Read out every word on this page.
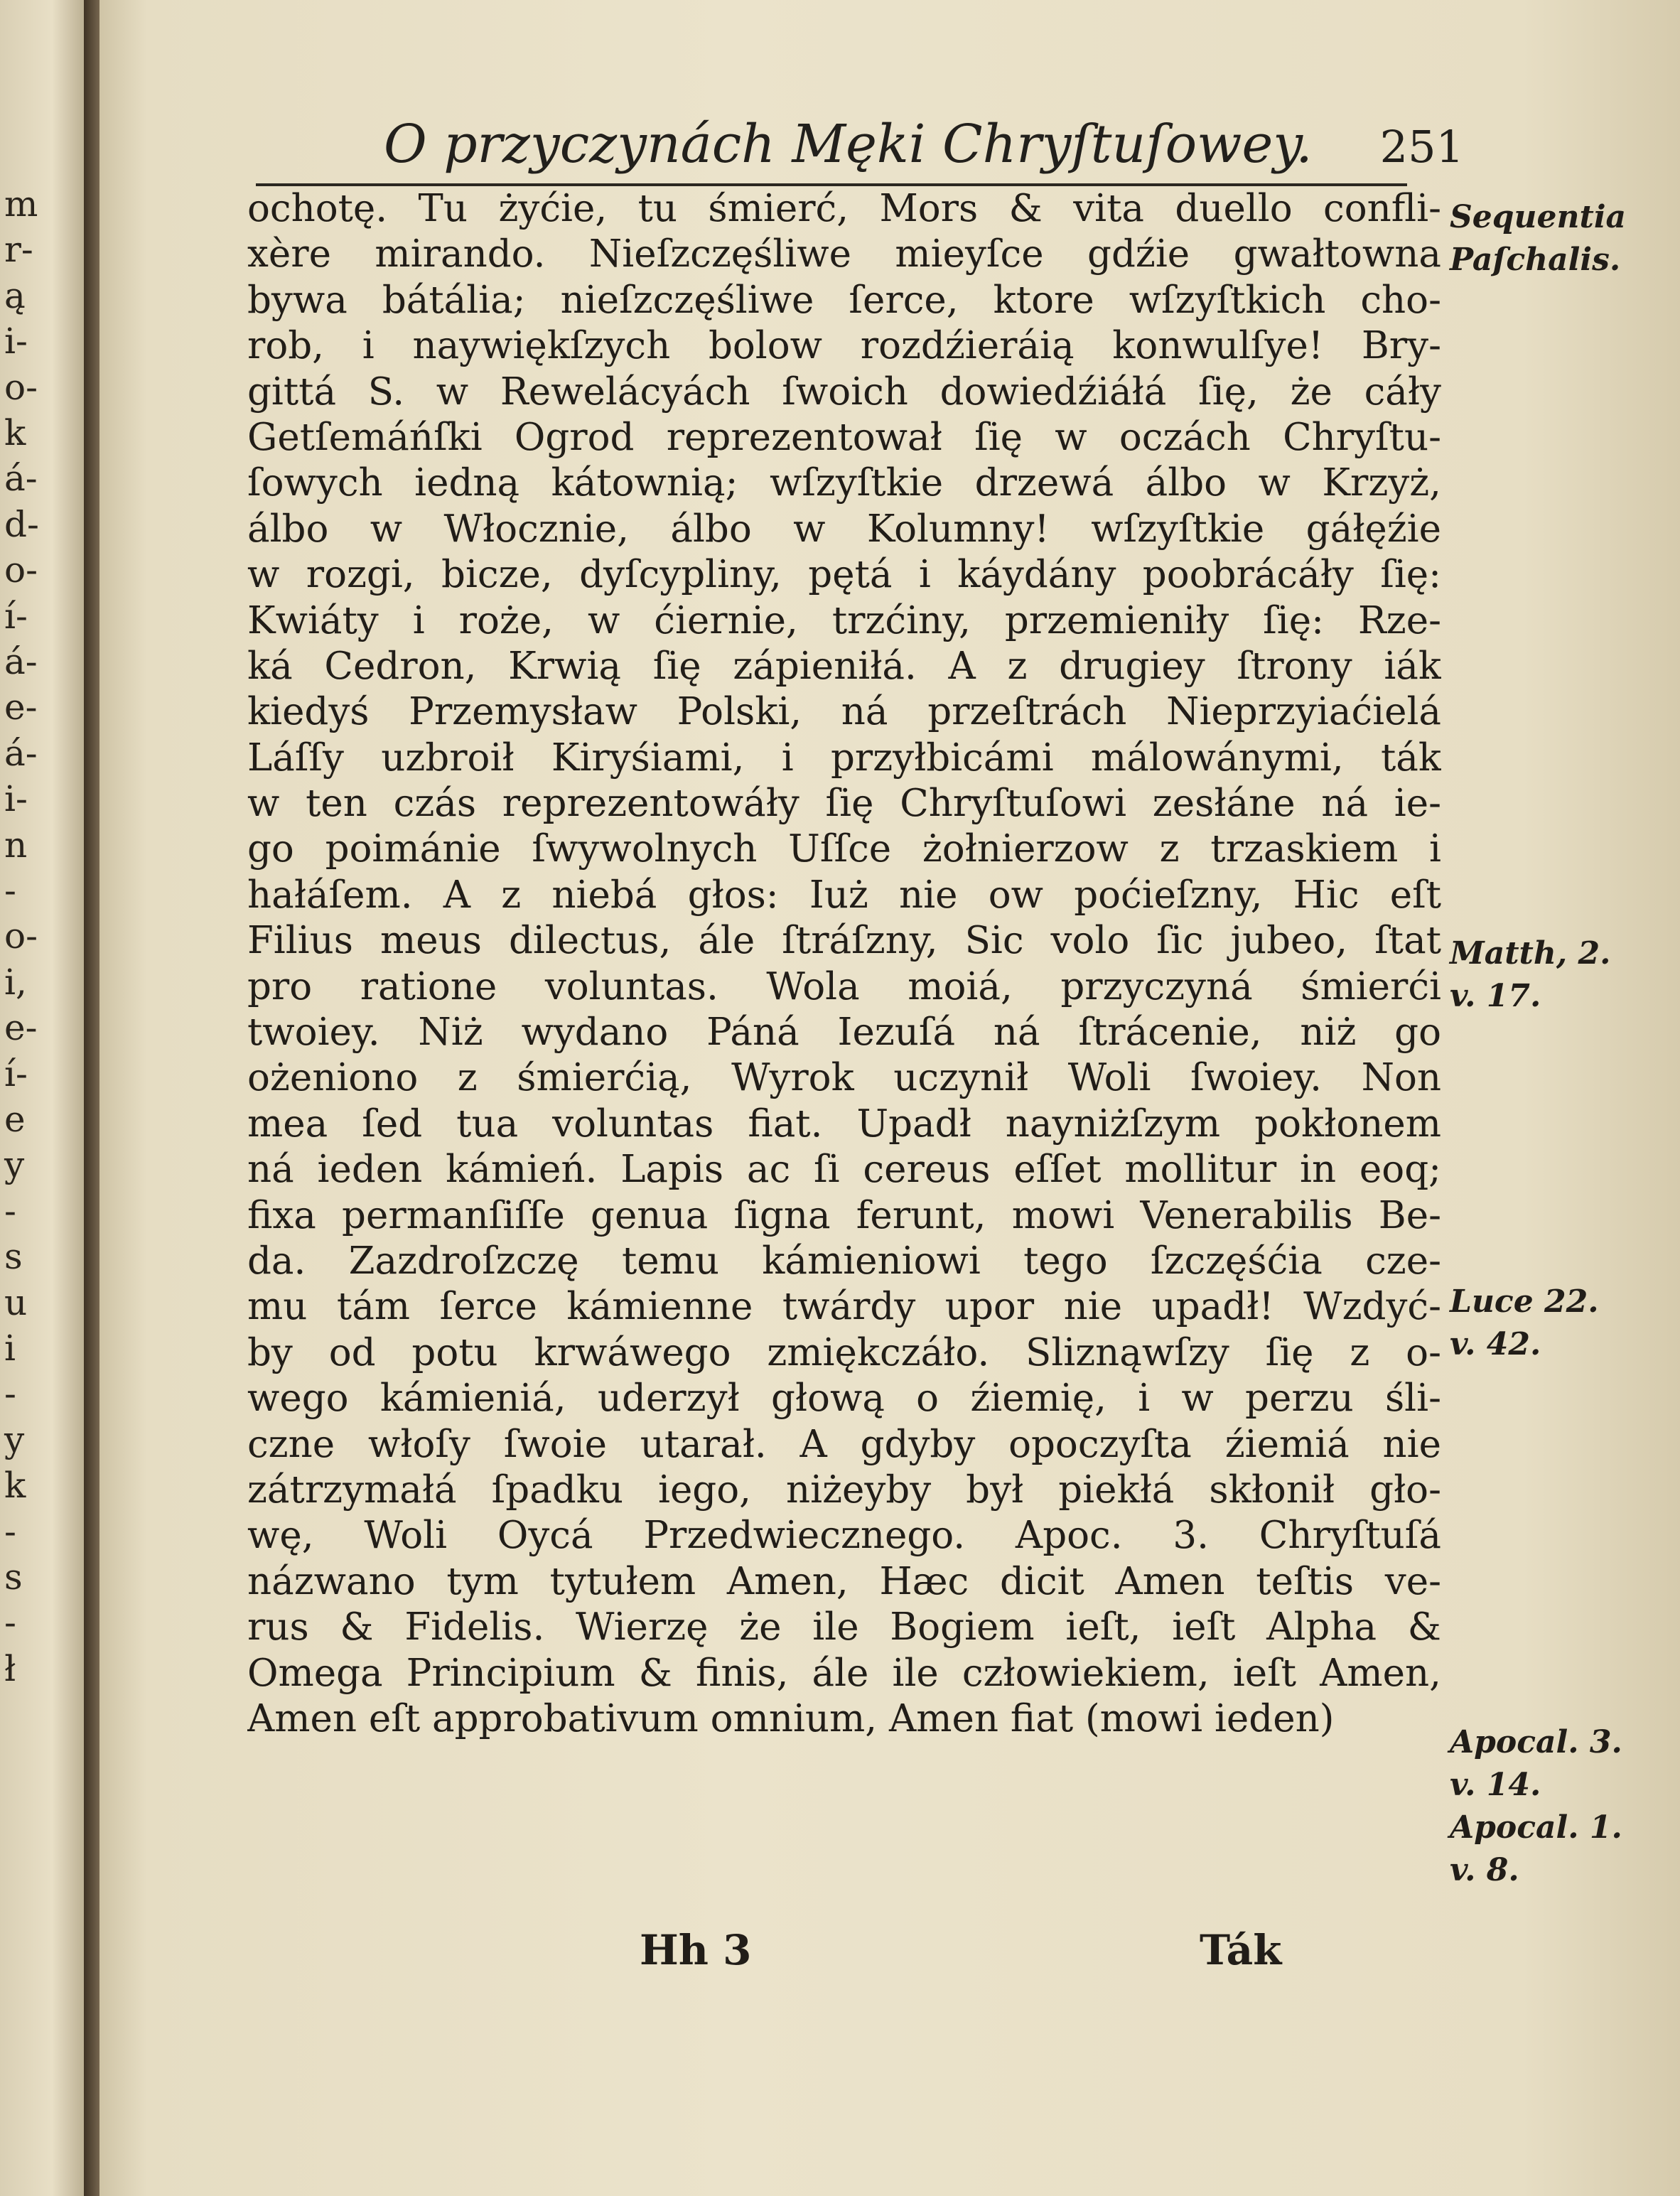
m
r-
ą
i-
o-
k
á-
d-
o-
í-
á-
e-
á-
i-
n
-
o-
i,
e-
í-
e
y
-
s
u
i
-
y
k
-
s
-
ł
O przyczynách Męki Chryſtuſowey. 251
ochotę. Tu żyćie, tu śmierć, Mors & vita duello confli-
xère mirando. Nieſzczęśliwe mieyſce gdźie gwałtowna
bywa bátália; nieſzczęśliwe ſerce, ktore wſzyſtkich cho-
rob, i naywiękſzych bolow rozdźieráią konwulſye! Bry-
gittá S. w Rewelácyách ſwoich dowiedźiáłá ſię, że cáły
Getſemáńſki Ogrod reprezentował ſię w oczách Chryſtu-
ſowych iedną kátownią; wſzyſtkie drzewá álbo w Krzyż,
álbo w Włocznie, álbo w Kolumny! wſzyſtkie gáłęźie
w rozgi, bicze, dyſcypliny, pętá i káydány poobrácáły ſię:
Kwiáty i roże, w ćiernie, trzćiny, przemieniły ſię: Rze-
ká Cedron, Krwią ſię zápieniłá. A z drugiey ſtrony iák
kiedyś Przemysław Polski, ná przeſtrách Nieprzyiaćielá
Láſſy uzbroił Kiryśiami, i przyłbicámi málowánymi, ták
w ten czás reprezentowáły ſię Chryſtuſowi zesłáne ná ie-
go poimánie ſwywolnych Uſſce żołnierzow z trzaskiem i
hałáſem. A z niebá głos: Iuż nie ow poćieſzny, Hic eſt
Filius meus dilectus, ále ſtráſzny, Sic volo ſic jubeo, ſtat
pro ratione voluntas. Wola moiá, przyczyná śmierći
twoiey. Niż wydano Páná Iezuſá ná ſtrácenie, niż go
ożeniono z śmierćią, Wyrok uczynił Woli ſwoiey. Non
mea ſed tua voluntas fiat. Upadł nayniżſzym pokłonem
ná ieden kámień. Lapis ac ſi cereus eſſet mollitur in eoq;
fixa permanſiſſe genua ſigna ferunt, mowi Venerabilis Be-
da. Zazdroſzczę temu kámieniowi tego ſzczęśćia cze-
mu tám ſerce kámienne twárdy upor nie upadł! Wzdyć-
by od potu krwáwego zmiękczáło. Sliznąwſzy ſię z o-
wego kámieniá, uderzył głową o źiemię, i w perzu śli-
czne włoſy ſwoie utarał. A gdyby opoczyſta źiemiá nie
zátrzymałá ſpadku iego, niżeyby był piekłá skłonił gło-
wę, Woli Oycá Przedwiecznego. Apoc. 3. Chryſtuſá
názwano tym tytułem Amen, Hæc dicit Amen teſtis ve-
rus & Fidelis. Wierzę że ile Bogiem ieſt, ieſt Alpha &
Omega Principium & finis, ále ile człowiekiem, ieſt Amen,
Amen eſt approbativum omnium, Amen fiat (mowi ieden)
Sequentia
Paſchalis.
Matth, 2.
v. 17.
Luce 22.
v. 42.
Apocal. 3.
v. 14.
Apocal. 1.
v. 8.
Hh 3	Ták
